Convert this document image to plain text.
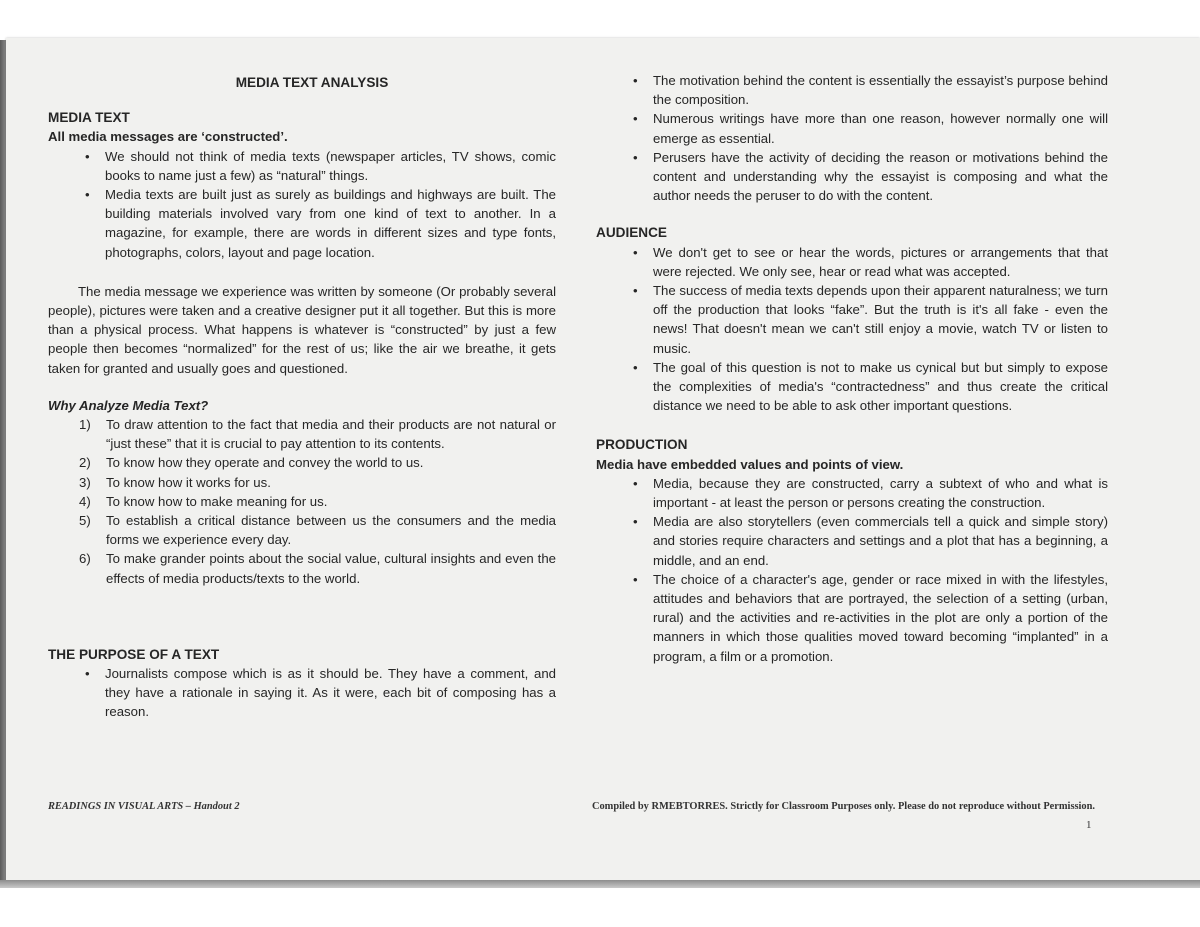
MEDIA TEXT ANALYSIS
MEDIA TEXT
All media messages are ‘constructed’.
• We should not think of media texts (newspaper articles, TV shows, comic books to name just a few) as “natural” things.
• Media texts are built just as surely as buildings and highways are built. The building materials involved vary from one kind of text to another. In a magazine, for example, there are words in different sizes and type fonts, photographs, colors, layout and page location.

The media message we experience was written by someone (Or probably several people), pictures were taken and a creative designer put it all together. But this is more than a physical process. What happens is whatever is “constructed” by just a few people then becomes “normalized” for the rest of us; like the air we breathe, it gets taken for granted and usually goes and questioned.

Why Analyze Media Text?
1) To draw attention to the fact that media and their products are not natural or “just these” that it is crucial to pay attention to its contents.
2) To know how they operate and convey the world to us.
3) To know how it works for us.
4) To know how to make meaning for us.
5) To establish a critical distance between us the consumers and the media forms we experience every day.
6) To make grander points about the social value, cultural insights and even the effects of media products/texts to the world.
THE PURPOSE OF A TEXT
• Journalists compose which is as it should be. They have a comment, and they have a rationale in saying it. As it were, each bit of composing has a reason.
• The motivation behind the content is essentially the essayist’s purpose behind the composition.
• Numerous writings have more than one reason, however normally one will emerge as essential.
• Perusers have the activity of deciding the reason or motivations behind the content and understanding why the essayist is composing and what the author needs the peruser to do with the content.
AUDIENCE
• We don't get to see or hear the words, pictures or arrangements that that were rejected. We only see, hear or read what was accepted.
• The success of media texts depends upon their apparent naturalness; we turn off the production that looks “fake”. But the truth is it's all fake - even the news! That doesn't mean we can't still enjoy a movie, watch TV or listen to music.
• The goal of this question is not to make us cynical but but simply to expose the complexities of media's “contractedness” and thus create the critical distance we need to be able to ask other important questions.
PRODUCTION
Media have embedded values and points of view.
• Media, because they are constructed, carry a subtext of who and what is important - at least the person or persons creating the construction.
• Media are also storytellers (even commercials tell a quick and simple story) and stories require characters and settings and a plot that has a beginning, a middle, and an end.
• The choice of a character's age, gender or race mixed in with the lifestyles, attitudes and behaviors that are portrayed, the selection of a setting (urban, rural) and the activities and re-activities in the plot are only a portion of the manners in which those qualities moved toward becoming “implanted” in a program, a film or a promotion.
READINGS IN VISUAL ARTS – Handout 2	Compiled by RMEBTORRES. Strictly for Classroom Purposes only. Please do not reproduce without Permission.
1
